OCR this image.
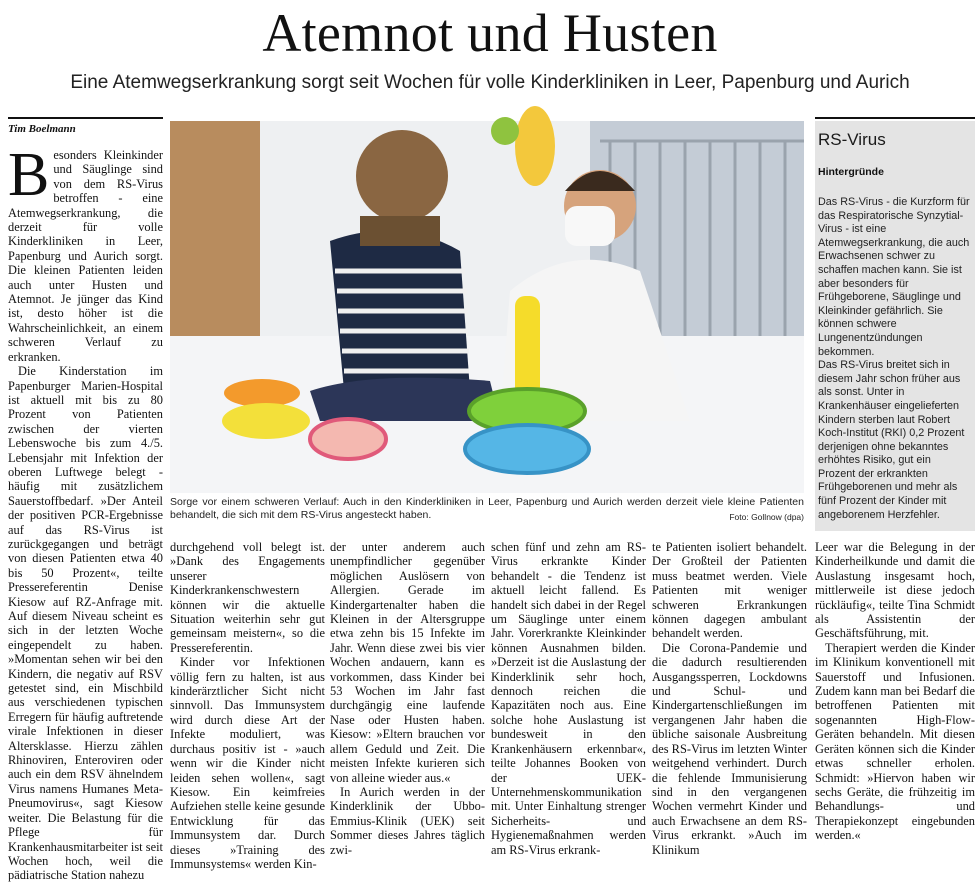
Atemnot und Husten
Eine Atemwegserkrankung sorgt seit Wochen für volle Kinderkliniken in Leer, Papenburg und Aurich
Tim Boelmann
B esonders Kleinkinder und Säuglinge sind von dem RS-Virus betroffen - eine Atemwegserkrankung, die derzeit für volle Kinderkliniken in Leer, Papenburg und Aurich sorgt. Die kleinen Patienten leiden auch unter Husten und Atemnot. Je jünger das Kind ist, desto höher ist die Wahrscheinlichkeit, an einem schweren Verlauf zu erkranken.

Die Kinderstation im Papenburger Marien-Hospital ist aktuell mit bis zu 80 Prozent von Patienten zwischen der vierten Lebenswoche bis zum 4./5. Lebensjahr mit Infektion der oberen Luftwege belegt - häufig mit zusätzlichem Sauerstoffbedarf. »Der Anteil der positiven PCR-Ergebnisse auf das RS-Virus ist zurückgegangen und beträgt von diesen Patienten etwa 40 bis 50 Prozent«, teilte Pressereferentin Denise Kiesow auf RZ-Anfrage mit. Auf diesem Niveau scheint es sich in der letzten Woche eingependelt zu haben. »Momentan sehen wir bei den Kindern, die negativ auf RSV getestet sind, ein Mischbild aus verschiedenen typischen Erregern für häufig auftretende virale Infektionen in dieser Altersklasse. Hierzu zählen Rhinoviren, Enteroviren oder auch ein dem RSV ähnelndem Virus namens Humanes Meta-Pneumovirus«, sagt Kiesow weiter. Die Belastung für die Pflege für Krankenhausmitarbeiter ist seit Wochen hoch, weil die pädiatrische Station nahezu

Sorge vor einem schweren Verlauf: Auch in den Kinderkliniken in Leer, Papenburg und Aurich werden derzeit viele kleine Patienten behandelt, die sich mit dem RS-Virus angesteckt haben.	Foto: Gollnow (dpa)
RS-Virus
Hintergründe

Das RS-Virus - die Kurzform für das Respiratorische Synzytial-Virus - ist eine Atemwegserkrankung, die auch Erwachsenen schwer zu schaffen machen kann. Sie ist aber besonders für Frühgeborene, Säuglinge und Kleinkinder gefährlich. Sie können schwere Lungenentzündungen bekommen.

Das RS-Virus breitet sich in diesem Jahr schon früher aus als sonst. Unter in Krankenhäuser eingelieferten Kindern sterben laut Robert Koch-Institut (RKI) 0,2 Prozent derjenigen ohne bekanntes erhöhtes Risiko, gut ein Prozent der erkrankten Frühgeborenen und mehr als fünf Prozent der Kinder mit angeborenem Herzfehler.

durchgehend voll belegt ist. »Dank des Engagements unserer Kinderkrankenschwestern können wir die aktuelle Situation weiterhin sehr gut gemeinsam meistern«, so die Pressereferentin.

Kinder vor Infektionen völlig fern zu halten, ist aus kinderärztlicher Sicht nicht sinnvoll. Das Immunsystem wird durch diese Art der Infekte moduliert, was durchaus positiv ist - »auch wenn wir die Kinder nicht leiden sehen wollen«, sagt Kiesow. Ein keimfreies Aufziehen stelle keine gesunde Entwicklung für das Immunsystem dar. Durch dieses »Training des Immunsystems« werden Kin-

der unter anderem auch unempfindlicher gegenüber möglichen Auslösern von Allergien. Gerade im Kindergartenalter haben die Kleinen in der Altersgruppe etwa zehn bis 15 Infekte im Jahr. Wenn diese zwei bis vier Wochen andauern, kann es vorkommen, dass Kinder bei 53 Wochen im Jahr fast durchgängig eine laufende Nase oder Husten haben. Kiesow: »Eltern brauchen vor allem Geduld und Zeit. Die meisten Infekte kurieren sich von alleine wieder aus.«

In Aurich werden in der Kinderklinik der Ubbo-Emmius-Klinik (UEK) seit Sommer dieses Jahres täglich zwi-

schen fünf und zehn am RS-Virus erkrankte Kinder behandelt - die Tendenz ist aktuell leicht fallend. Es handelt sich dabei in der Regel um Säuglinge unter einem Jahr. Vorerkrankte Kleinkinder können Ausnahmen bilden. »Derzeit ist die Auslastung der Kinderklinik sehr hoch, dennoch reichen die Kapazitäten noch aus. Eine solche hohe Auslastung ist bundesweit in den Krankenhäusern erkennbar«, teilte Johannes Booken von der UEK-Unternehmenskommunikation mit. Unter Einhaltung strenger Sicherheits- und Hygienemaßnahmen werden am RS-Virus erkrank-

te Patienten isoliert behandelt. Der Großteil der Patienten muss beatmet werden. Viele Patienten mit weniger schweren Erkrankungen können dagegen ambulant behandelt werden.

Die Corona-Pandemie und die dadurch resultierenden Ausgangssperren, Lockdowns und Schul- und Kindergartenschließungen im vergangenen Jahr haben die übliche saisonale Ausbreitung des RS-Virus im letzten Winter weitgehend verhindert. Durch die fehlende Immunisierung sind in den vergangenen Wochen vermehrt Kinder und auch Erwachsene an dem RS-Virus erkrankt. »Auch im Klinikum

Leer war die Belegung in der Kinderheilkunde und damit die Auslastung insgesamt hoch, mittlerweile ist diese jedoch rückläufig«, teilte Tina Schmidt als Assistentin der Geschäftsführung, mit.

Therapiert werden die Kinder im Klinikum konventionell mit Sauerstoff und Infusionen. Zudem kann man bei Bedarf die betroffenen Patienten mit sogenannten High-Flow-Geräten behandeln. Mit diesen Geräten können sich die Kinder etwas schneller erholen. Schmidt: »Hiervon haben wir sechs Geräte, die frühzeitig im Behandlungs- und Therapiekonzept eingebunden werden.«
